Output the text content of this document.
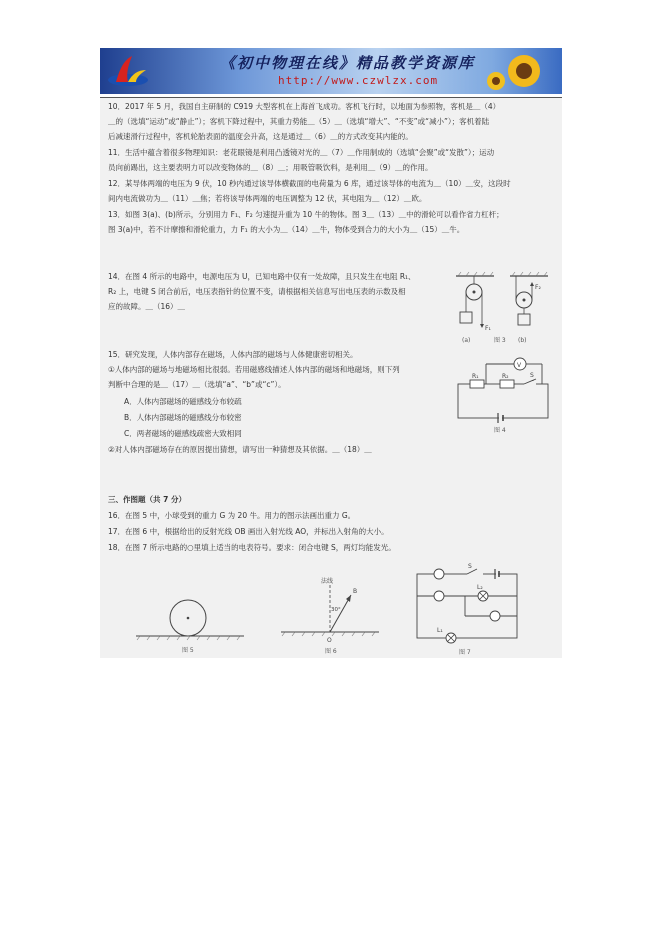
《初中物理在线》精品教学资源库
http://www.czwlzx.com
10．2017 年 5 月，我国自主研制的 C919 大型客机在上海首飞成功。客机飞行时，以地面为参照物，客机是＿（4）
＿的（选填“运动”或“静止”）；客机下降过程中，其重力势能＿（5）＿（选填“增大”、“不变”或“减小”）；客机着陆
后减速滑行过程中，客机轮胎表面的温度会升高，这是通过＿（6）＿的方式改变其内能的。
11．生活中蕴含着很多物理知识：老花眼镜是利用凸透镜对光的＿（7）＿作用制成的（选填“会聚”或“发散”）；运动
员向前踢出，这主要表明力可以改变物体的＿（8）＿；用吸管吸饮料，是利用＿（9）＿的作用。
12．某导体两端的电压为 9 伏，10 秒内通过该导体横截面的电荷量为 6 库，通过该导体的电流为＿（10）＿安，这段时
间内电流做功为＿（11）＿焦；若将该导体两端的电压调整为 12 伏，其电阻为＿（12）＿欧。
13．如图 3(a)、(b)所示，分别用力 F₁、F₂ 匀速提升重为 10 牛的物体。图 3＿（13）＿中的滑轮可以看作省力杠杆；
图 3(a)中，若不计摩擦和滑轮重力，力 F₁ 的大小为＿（14）＿牛，物体受到合力的大小为＿（15）＿牛。
14．在图 4 所示的电路中，电源电压为 U，已知电路中仅有一处故障，且只发生在电阻 R₁、
R₂ 上，电键 S 闭合前后，电压表指针的位置不变，请根据相关信息写出电压表的示数及相
应的故障。＿（16）＿
F₁
F₂
(a)	(b)
图 3
15．研究发现，人体内部存在磁场，人体内部的磁场与人体健康密切相关。
①人体内部的磁场与地磁场相比很弱。若用磁感线描述人体内部的磁场和地磁场，则下列
判断中合理的是＿（17）＿（选填“a”、“b”或“c”）。
A．人体内部磁场的磁感线分布较疏
B．人体内部磁场的磁感线分布较密
C．两者磁场的磁感线疏密大致相同
②对人体内部磁场存在的原因提出猜想，请写出一种猜想及其依据。＿（18）＿
V
R₁	R₂	S
图 4
三、作图题（共 7 分）
16．在图 5 中，小球受到的重力 G 为 20 牛。用力的图示法画出重力 G。
17．在图 6 中，根据给出的反射光线 OB 画出入射光线 AO，并标出入射角的大小。
18．在图 7 所示电路的○里填上适当的电表符号。要求：闭合电键 S，两灯均能发光。
图 5
法线
B
30°
O
图 6
S
L₂
L₁
图 7
